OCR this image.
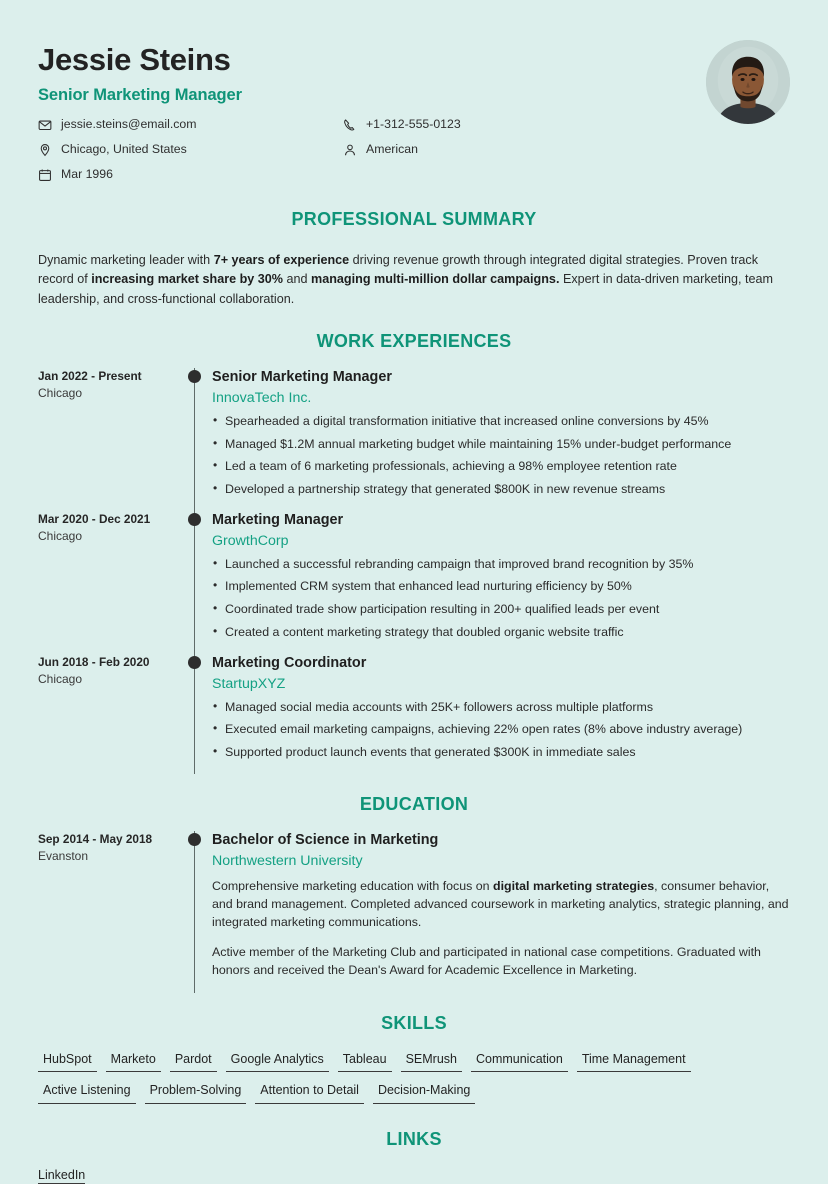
Jessie Steins
Senior Marketing Manager
jessie.steins@email.com	+1-312-555-0123
Chicago, United States	American
Mar 1996
PROFESSIONAL SUMMARY

Dynamic marketing leader with 7+ years of experience driving revenue growth through integrated digital strategies. Proven track record of increasing market share by 30% and managing multi-million dollar campaigns. Expert in data-driven marketing, team leadership, and cross-functional collaboration.

WORK EXPERIENCES
Jan 2022 - Present
Chicago
Senior Marketing Manager
InnovaTech Inc.
• Spearheaded a digital transformation initiative that increased online conversions by 45%
• Managed $1.2M annual marketing budget while maintaining 15% under-budget performance
• Led a team of 6 marketing professionals, achieving a 98% employee retention rate
• Developed a partnership strategy that generated $800K in new revenue streams
Mar 2020 - Dec 2021
Chicago
Marketing Manager
GrowthCorp
• Launched a successful rebranding campaign that improved brand recognition by 35%
• Implemented CRM system that enhanced lead nurturing efficiency by 50%
• Coordinated trade show participation resulting in 200+ qualified leads per event
• Created a content marketing strategy that doubled organic website traffic
Jun 2018 - Feb 2020
Chicago
Marketing Coordinator
StartupXYZ
• Managed social media accounts with 25K+ followers across multiple platforms
• Executed email marketing campaigns, achieving 22% open rates (8% above industry average)
• Supported product launch events that generated $300K in immediate sales
EDUCATION
Sep 2014 - May 2018
Evanston
Bachelor of Science in Marketing
Northwestern University

Comprehensive marketing education with focus on digital marketing strategies, consumer behavior, and brand management. Completed advanced coursework in marketing analytics, strategic planning, and integrated marketing communications.

Active member of the Marketing Club and participated in national case competitions. Graduated with honors and received the Dean's Award for Academic Excellence in Marketing.

SKILLS
HubSpot	Marketo	Pardot	Google Analytics	Tableau	SEMrush	Communication	Time Management
Active Listening	Problem-Solving	Attention to Detail	Decision-Making
LINKS
LinkedIn
